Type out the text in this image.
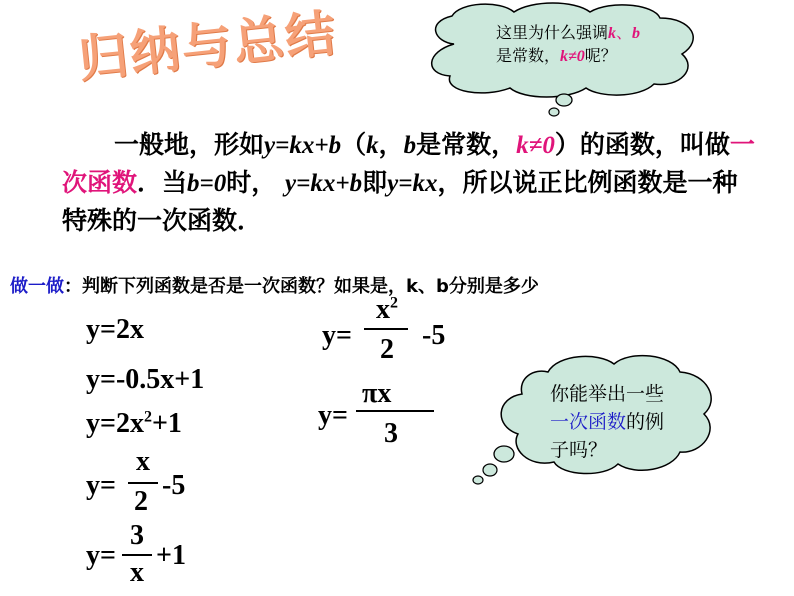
归纳与总结	这里为什么强调k、b
是常数，k≠0呢？
一般地，形如y=kx+b（k，b是常数，k≠0）的函数，叫做一次函数．当b=0时， y=kx+b即y=kx，所以说正比例函数是一种特殊的一次函数．
做一做：判断下列函数是否是一次函数？如果是，k、b分别是多少
y=2x
y=-0.5x+1
$y=2x^2+1$
y=
x
2
-5
y=
3
x
+1
y=
$x^2$
2 -5
y=
πx
3
你能举出一些
一次函数的例
子吗？
